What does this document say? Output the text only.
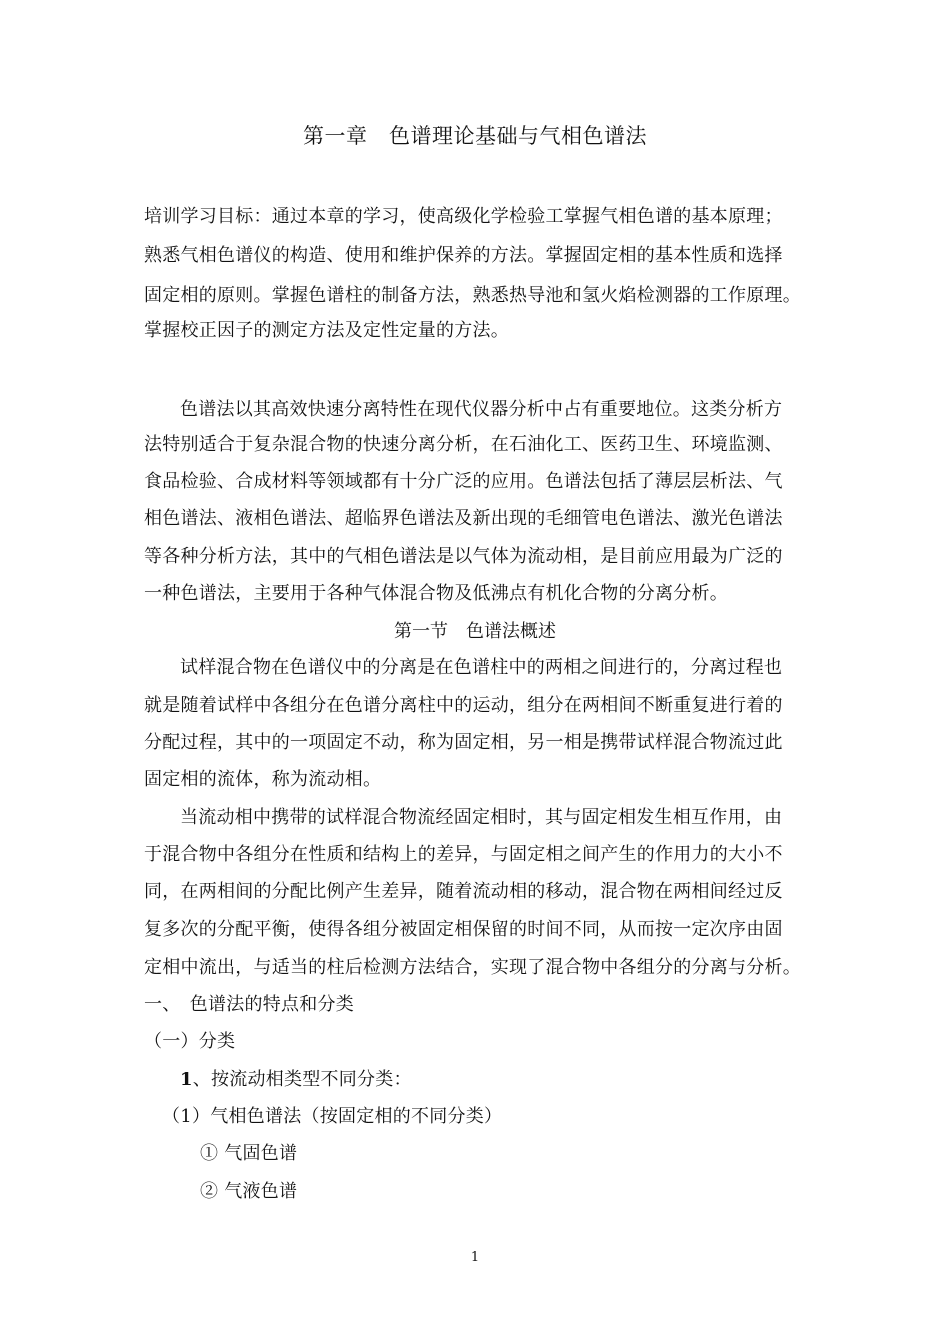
第一章　色谱理论基础与气相色谱法
培训学习目标：通过本章的学习，使高级化学检验工掌握气相色谱的基本原理；
熟悉气相色谱仪的构造、使用和维护保养的方法。掌握固定相的基本性质和选择
固定相的原则。掌握色谱柱的制备方法，熟悉热导池和氢火焰检测器的工作原理。
掌握校正因子的测定方法及定性定量的方法。
色谱法以其高效快速分离特性在现代仪器分析中占有重要地位。这类分析方
法特别适合于复杂混合物的快速分离分析，在石油化工、医药卫生、环境监测、
食品检验、合成材料等领域都有十分广泛的应用。色谱法包括了薄层层析法、气
相色谱法、液相色谱法、超临界色谱法及新出现的毛细管电色谱法、激光色谱法
等各种分析方法，其中的气相色谱法是以气体为流动相，是目前应用最为广泛的
一种色谱法，主要用于各种气体混合物及低沸点有机化合物的分离分析。
第一节　色谱法概述
试样混合物在色谱仪中的分离是在色谱柱中的两相之间进行的，分离过程也
就是随着试样中各组分在色谱分离柱中的运动，组分在两相间不断重复进行着的
分配过程，其中的一项固定不动，称为固定相，另一相是携带试样混合物流过此
固定相的流体，称为流动相。
当流动相中携带的试样混合物流经固定相时，其与固定相发生相互作用，由
于混合物中各组分在性质和结构上的差异，与固定相之间产生的作用力的大小不
同，在两相间的分配比例产生差异，随着流动相的移动，混合物在两相间经过反
复多次的分配平衡，使得各组分被固定相保留的时间不同，从而按一定次序由固
定相中流出，与适当的柱后检测方法结合，实现了混合物中各组分的分离与分析。
一、　色谱法的特点和分类
（一）分类
1、按流动相类型不同分类：
（1）气相色谱法（按固定相的不同分类）
① 气固色谱
② 气液色谱
1
